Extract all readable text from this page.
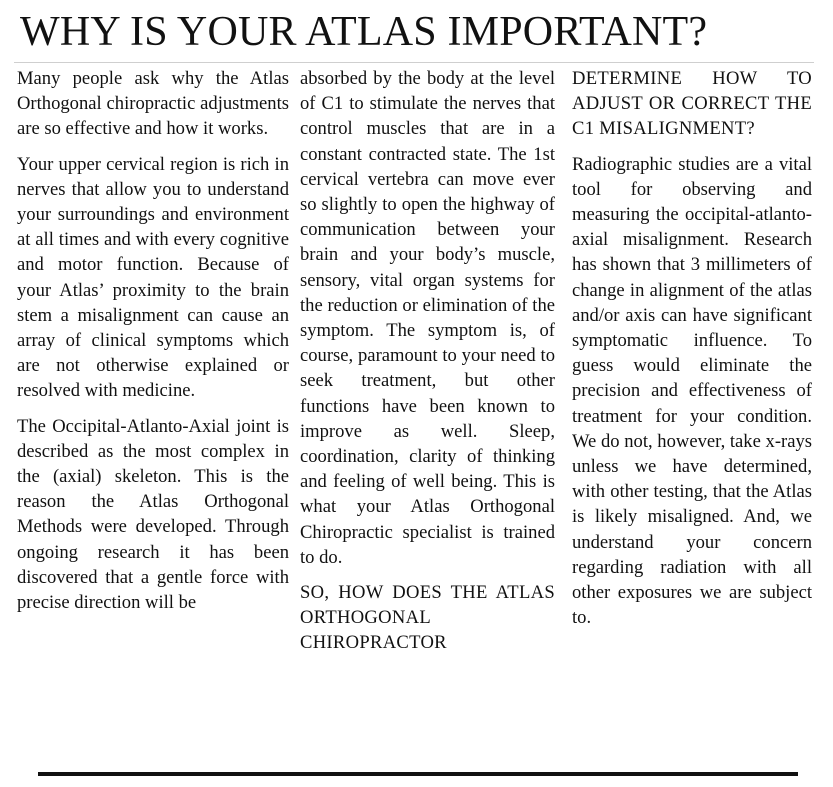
WHY IS YOUR ATLAS IMPORTANT?

Many people ask why the Atlas Orthogonal chiropractic adjustments are so effective and how it works.

Your upper cervical region is rich in nerves that allow you to understand your surroundings and environment at all times and with every cognitive and motor function. Because of your Atlas’ proximity to the brain stem a misalignment can cause an array of clinical symptoms which are not otherwise explained or resolved with medicine.

The Occipital-Atlanto-Axial joint is described as the most complex in the (axial) skeleton. This is the reason the Atlas Orthogonal Methods were developed. Through ongoing research it has been discovered that a gentle force with precise direction will be

absorbed by the body at the level of C1 to stimulate the nerves that control muscles that are in a constant contracted state. The 1st cervical vertebra can move ever so slightly to open the highway of communication between your brain and your body’s muscle, sensory, vital organ systems for the reduction or elimination of the symptom. The symptom is, of course, paramount to your need to seek treatment, but other functions have been known to improve as well. Sleep, coordination, clarity of thinking and feeling of well being. This is what your Atlas Orthogonal Chiropractic specialist is trained to do.

SO, HOW DOES THE ATLAS ORTHOGONAL CHIROPRACTOR

DETERMINE HOW TO ADJUST OR CORRECT THE C1 MISALIGNMENT?

Radiographic studies are a vital tool for observing and measuring the occipital-atlanto-axial misalignment. Research has shown that 3 millimeters of change in alignment of the atlas and/or axis can have significant symptomatic influence. To guess would eliminate the precision and effectiveness of treatment for your condition. We do not, however, take x-rays unless we have determined, with other testing, that the Atlas is likely misaligned. And, we understand your concern regarding radiation with all other exposures we are subject to.
